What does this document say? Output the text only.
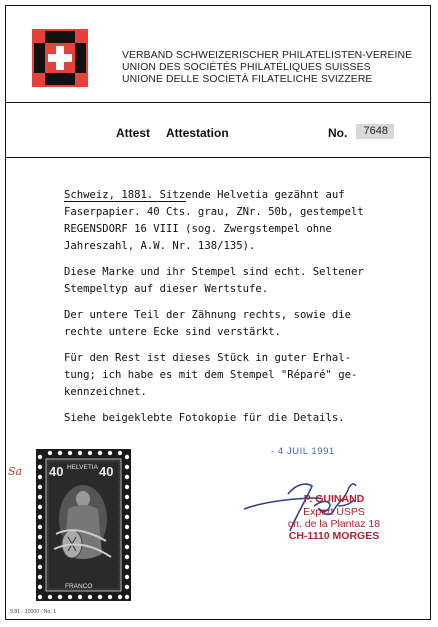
VERBAND SCHWEIZERISCHER PHILATELISTEN-VEREINE
UNION DES SOCIÉTÉS PHILATÉLIQUES SUISSES
UNIONE DELLE SOCIETÀ FILATELICHE SVIZZERE
Attest Attestation	No.	7648
Schweiz, 1881. Sitzende Helvetia gezähnt auf
Faserpapier. 40 Cts. grau, ZNr. 50b, gestempelt
REGENSDORF 16 VIII (sog. Zwergstempel ohne
Jahreszahl, A.W. Nr. 138/135).
Diese Marke und ihr Stempel sind echt. Seltener
Stempeltyp auf dieser Wertstufe.
Der untere Teil der Zähnung rechts, sowie die
rechte untere Ecke sind verstärkt.
Für den Rest ist dieses Stück in guter Erhal-
tung; ich habe es mit dem Stempel "Réparé" ge-
kennzeichnet.
Siehe beigeklebte Fotokopie für die Details.
Sa 40	40
HELVETIA
FRANCO
- 4 JUIL 1991
P. GUINAND
Expert USPS
ch. de la Plantaz 18
CH-1110 MORGES
9.81 - 10000 - No. 1
